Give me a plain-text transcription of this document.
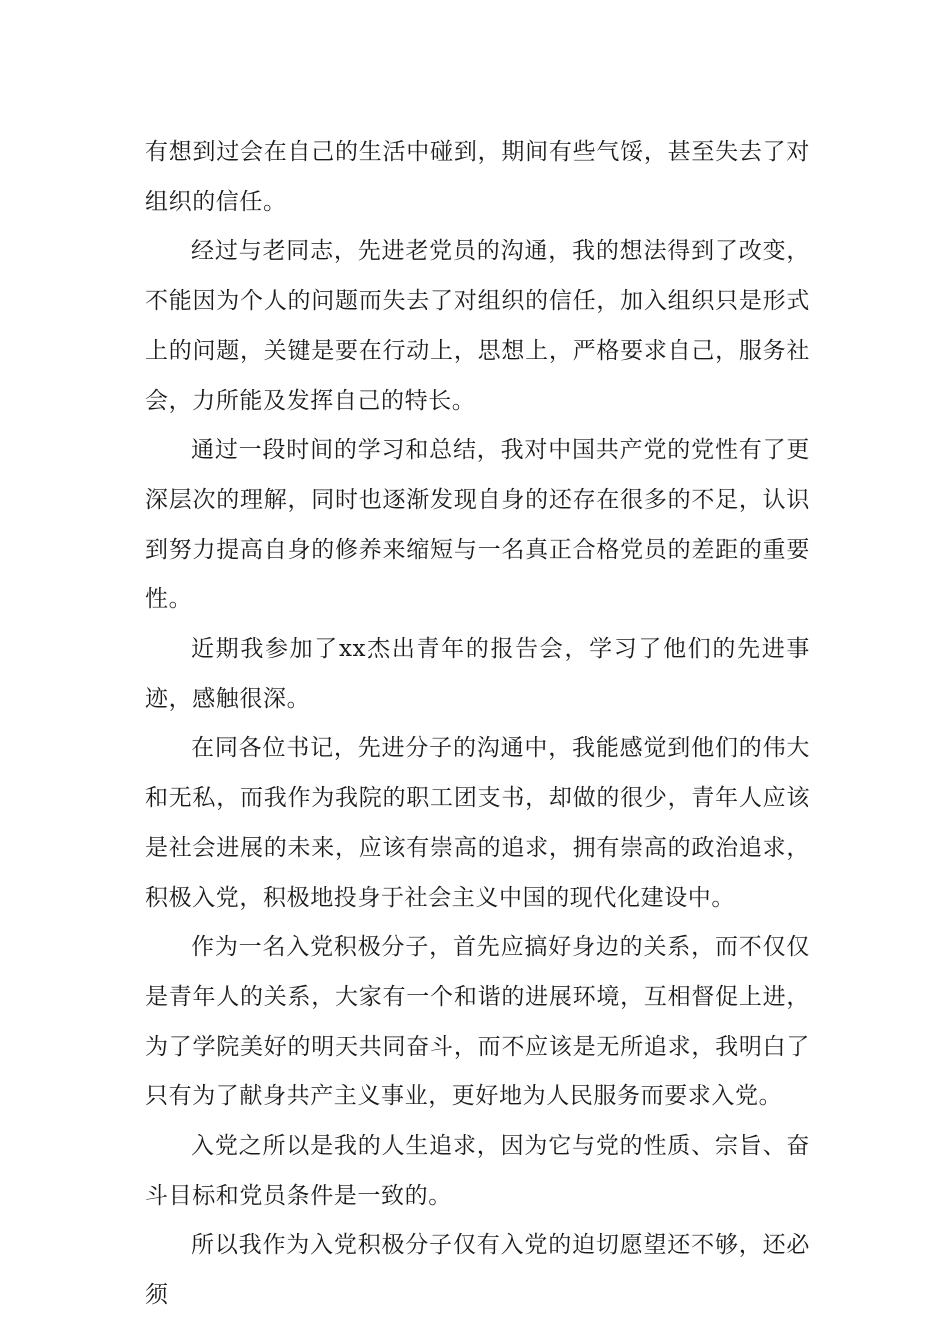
有想到过会在自己的生活中碰到，期间有些气馁，甚至失去了对组织的信任。

经过与老同志，先进老党员的沟通，我的想法得到了改变，不能因为个人的问题而失去了对组织的信任，加入组织只是形式上的问题，关键是要在行动上，思想上，严格要求自己，服务社会，力所能及发挥自己的特长。

通过一段时间的学习和总结，我对中国共产党的党性有了更深层次的理解，同时也逐渐发现自身的还存在很多的不足，认识到努力提高自身的修养来缩短与一名真正合格党员的差距的重要性。

近期我参加了xx杰出青年的报告会，学习了他们的先进事迹，感触很深。

在同各位书记，先进分子的沟通中，我能感觉到他们的伟大和无私，而我作为我院的职工团支书，却做的很少，青年人应该是社会进展的未来，应该有崇高的追求，拥有崇高的政治追求，积极入党，积极地投身于社会主义中国的现代化建设中。

作为一名入党积极分子，首先应搞好身边的关系，而不仅仅是青年人的关系，大家有一个和谐的进展环境，互相督促上进，为了学院美好的明天共同奋斗，而不应该是无所追求，我明白了只有为了献身共产主义事业，更好地为人民服务而要求入党。

入党之所以是我的人生追求，因为它与党的性质、宗旨、奋斗目标和党员条件是一致的。

所以我作为入党积极分子仅有入党的迫切愿望还不够，还必须
